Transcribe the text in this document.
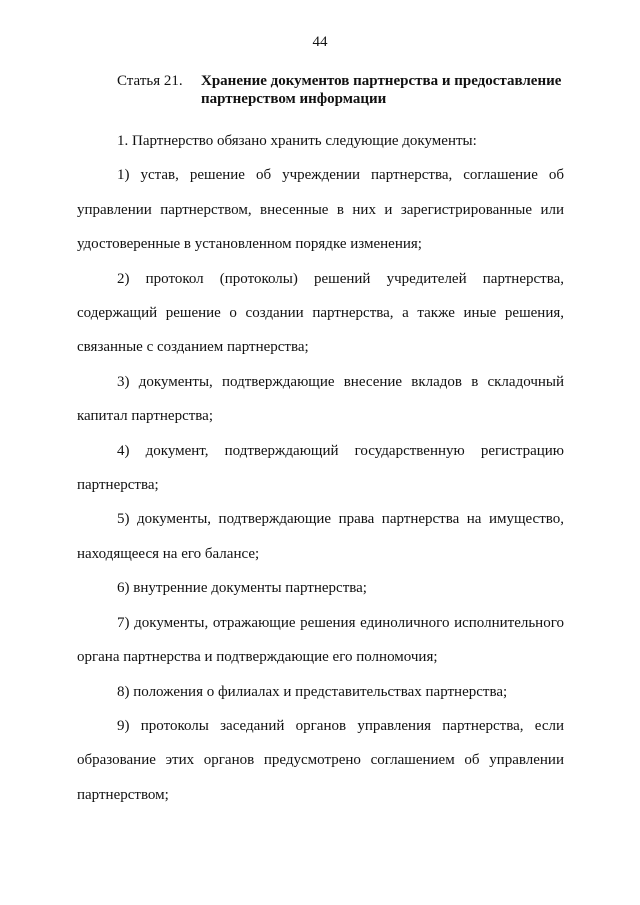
44
Статья 21. Хранение документов партнерства и предоставление
партнерством информации

1. Партнерство обязано хранить следующие документы:

1) устав, решение об учреждении партнерства, соглашение об управлении партнерством, внесенные в них и зарегистрированные или удостоверенные в установленном порядке изменения;

2) протокол (протоколы) решений учредителей партнерства, содержащий решение о создании партнерства, а также иные решения, связанные с созданием партнерства;

3) документы, подтверждающие внесение вкладов в складочный капитал партнерства;

4) документ, подтверждающий государственную регистрацию партнерства;

5) документы, подтверждающие права партнерства на имущество, находящееся на его балансе;

6) внутренние документы партнерства;

7) документы, отражающие решения единоличного исполнительного органа партнерства и подтверждающие его полномочия;

8) положения о филиалах и представительствах партнерства;

9) протоколы заседаний органов управления партнерства, если образование этих органов предусмотрено соглашением об управлении партнерством;
